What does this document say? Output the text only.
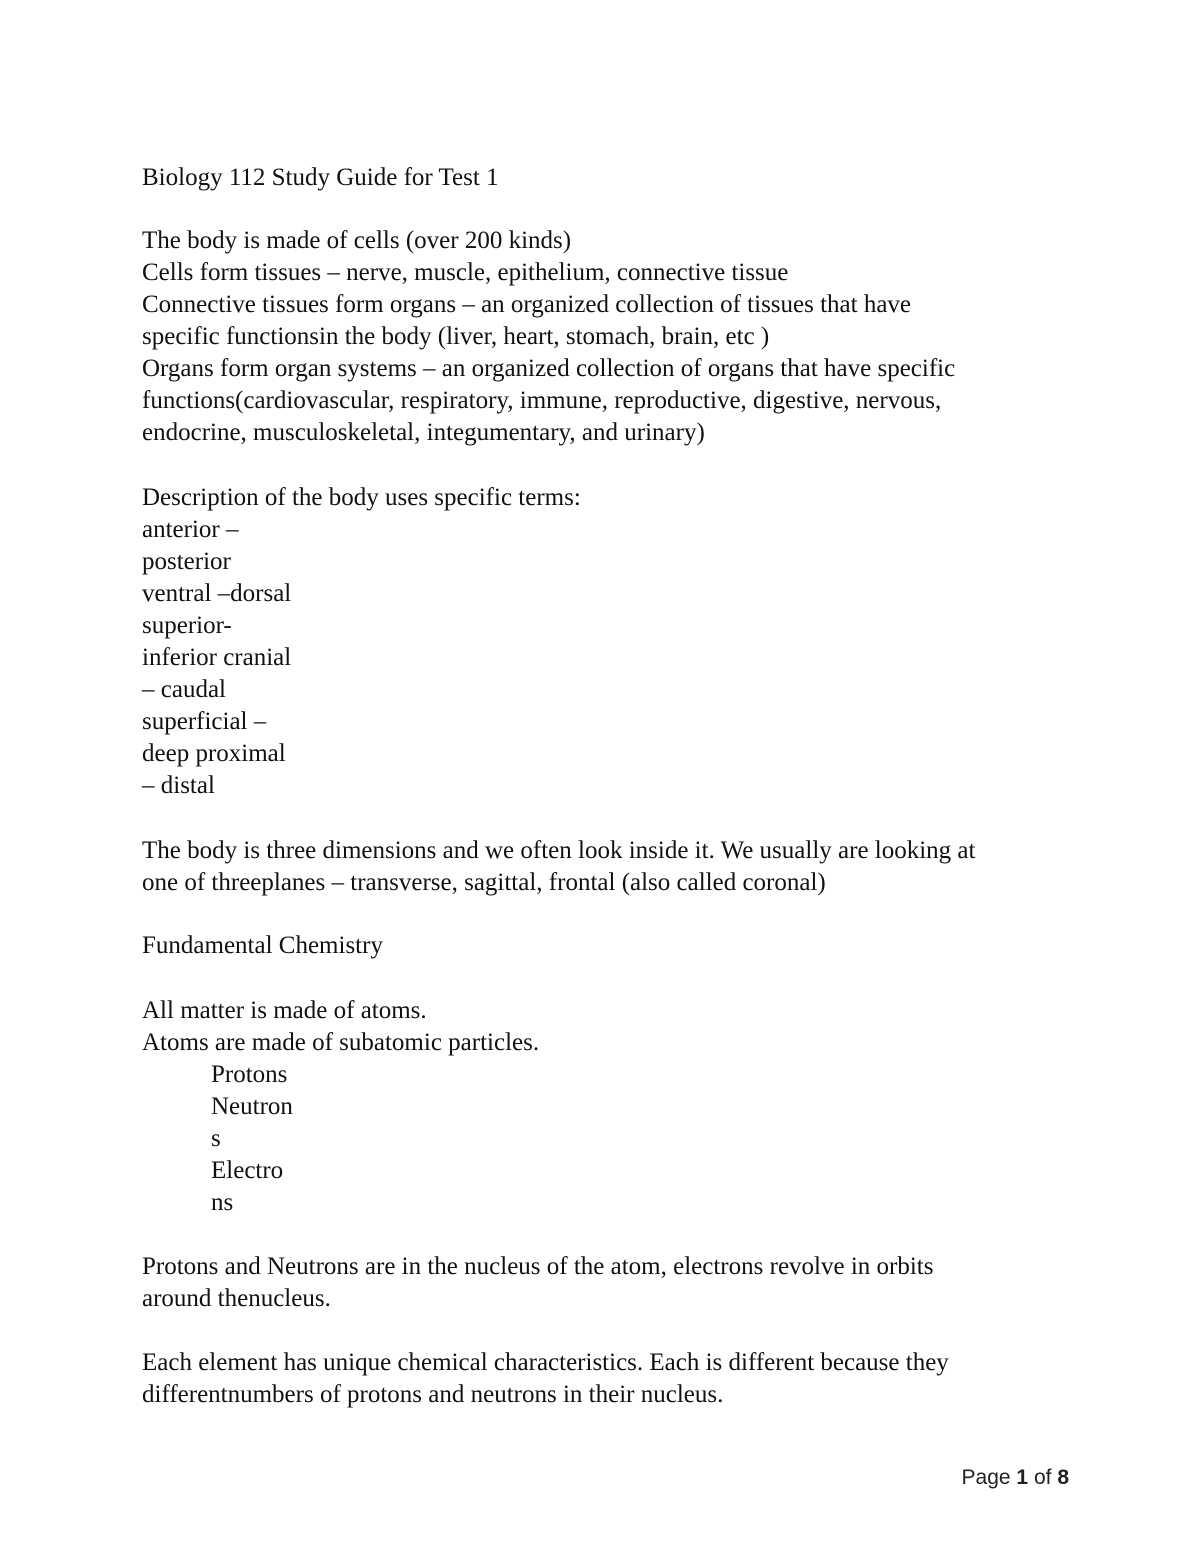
Biology 112 Study Guide for Test 1
The body is made of cells (over 200 kinds)
Cells form tissues – nerve, muscle, epithelium, connective tissue
Connective tissues form organs – an organized collection of tissues that have
specific functionsin the body (liver, heart, stomach, brain, etc )
Organs form organ systems – an organized collection of organs that have specific
functions(cardiovascular, respiratory, immune, reproductive, digestive, nervous,
endocrine, musculoskeletal, integumentary, and urinary)
Description of the body uses specific terms:
anterior –
posterior
ventral –dorsal
superior-
inferior cranial
– caudal
superficial –
deep proximal
– distal
The body is three dimensions and we often look inside it. We usually are looking at
one of threeplanes – transverse, sagittal, frontal (also called coronal)
Fundamental Chemistry
All matter is made of atoms.
Atoms are made of subatomic particles.
Protons
Neutron
s
Electro
ns
Protons and Neutrons are in the nucleus of the atom, electrons revolve in orbits
around thenucleus.
Each element has unique chemical characteristics. Each is different because they
differentnumbers of protons and neutrons in their nucleus.
Page 1 of 8
